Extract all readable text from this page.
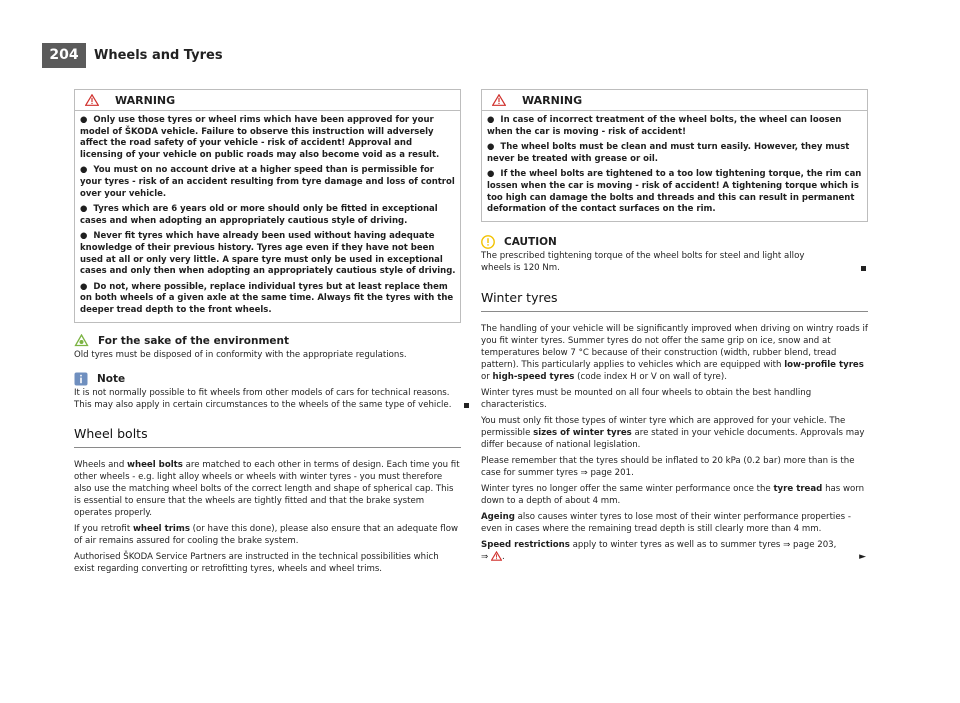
204	Wheels and Tyres
WARNING
● Only use those tyres or wheel rims which have been approved for your model of ŠKODA vehicle. Failure to observe this instruction will adversely affect the road safety of your vehicle - risk of accident! Approval and licensing of your vehicle on public roads may also become void as a result.
● You must on no account drive at a higher speed than is permissible for your tyres - risk of an accident resulting from tyre damage and loss of control over your vehicle.
● Tyres which are 6 years old or more should only be fitted in exceptional cases and when adopting an appropriately cautious style of driving.
● Never fit tyres which have already been used without having adequate knowledge of their previous history. Tyres age even if they have not been used at all or only very little. A spare tyre must only be used in exceptional cases and only then when adopting an appropriately cautious style of driving.
● Do not, where possible, replace individual tyres but at least replace them on both wheels of a given axle at the same time. Always fit the tyres with the deeper tread depth to the front wheels.
For the sake of the environment
Old tyres must be disposed of in conformity with the appropriate regulations.
Note
It is not normally possible to fit wheels from other models of cars for technical reasons. This may also apply in certain circumstances to the wheels of the same type of vehicle.
Wheel bolts
Wheels and wheel bolts are matched to each other in terms of design. Each time you fit other wheels - e.g. light alloy wheels or wheels with winter tyres - you must therefore also use the matching wheel bolts of the correct length and shape of spherical cap. This is essential to ensure that the wheels are tightly fitted and that the brake system operates properly.
If you retrofit wheel trims (or have this done), please also ensure that an adequate flow of air remains assured for cooling the brake system.
Authorised ŠKODA Service Partners are instructed in the technical possibilities which exist regarding converting or retrofitting tyres, wheels and wheel trims.
WARNING
● In case of incorrect treatment of the wheel bolts, the wheel can loosen when the car is moving - risk of accident!
● The wheel bolts must be clean and must turn easily. However, they must never be treated with grease or oil.
● If the wheel bolts are tightened to a too low tightening torque, the rim can lossen when the car is moving - risk of accident! A tightening torque which is too high can damage the bolts and threads and this can result in permanent deformation of the contact surfaces on the rim.
CAUTION
The prescribed tightening torque of the wheel bolts for steel and light alloy wheels is 120 Nm.
Winter tyres
The handling of your vehicle will be significantly improved when driving on wintry roads if you fit winter tyres. Summer tyres do not offer the same grip on ice, snow and at temperatures below 7 °C because of their construction (width, rubber blend, tread pattern). This particularly applies to vehicles which are equipped with low-profile tyres or high-speed tyres (code index H or V on wall of tyre).
Winter tyres must be mounted on all four wheels to obtain the best handling characteristics.
You must only fit those types of winter tyre which are approved for your vehicle. The permissible sizes of winter tyres are stated in your vehicle documents. Approvals may differ because of national legislation.
Please remember that the tyres should be inflated to 20 kPa (0.2 bar) more than is the case for summer tyres ⇒ page 201.
Winter tyres no longer offer the same winter performance once the tyre tread has worn down to a depth of about 4 mm.
Ageing also causes winter tyres to lose most of their winter performance properties - even in cases where the remaining tread depth is still clearly more than 4 mm.
Speed restrictions apply to winter tyres as well as to summer tyres ⇒ page 203,
⇒ .	►
